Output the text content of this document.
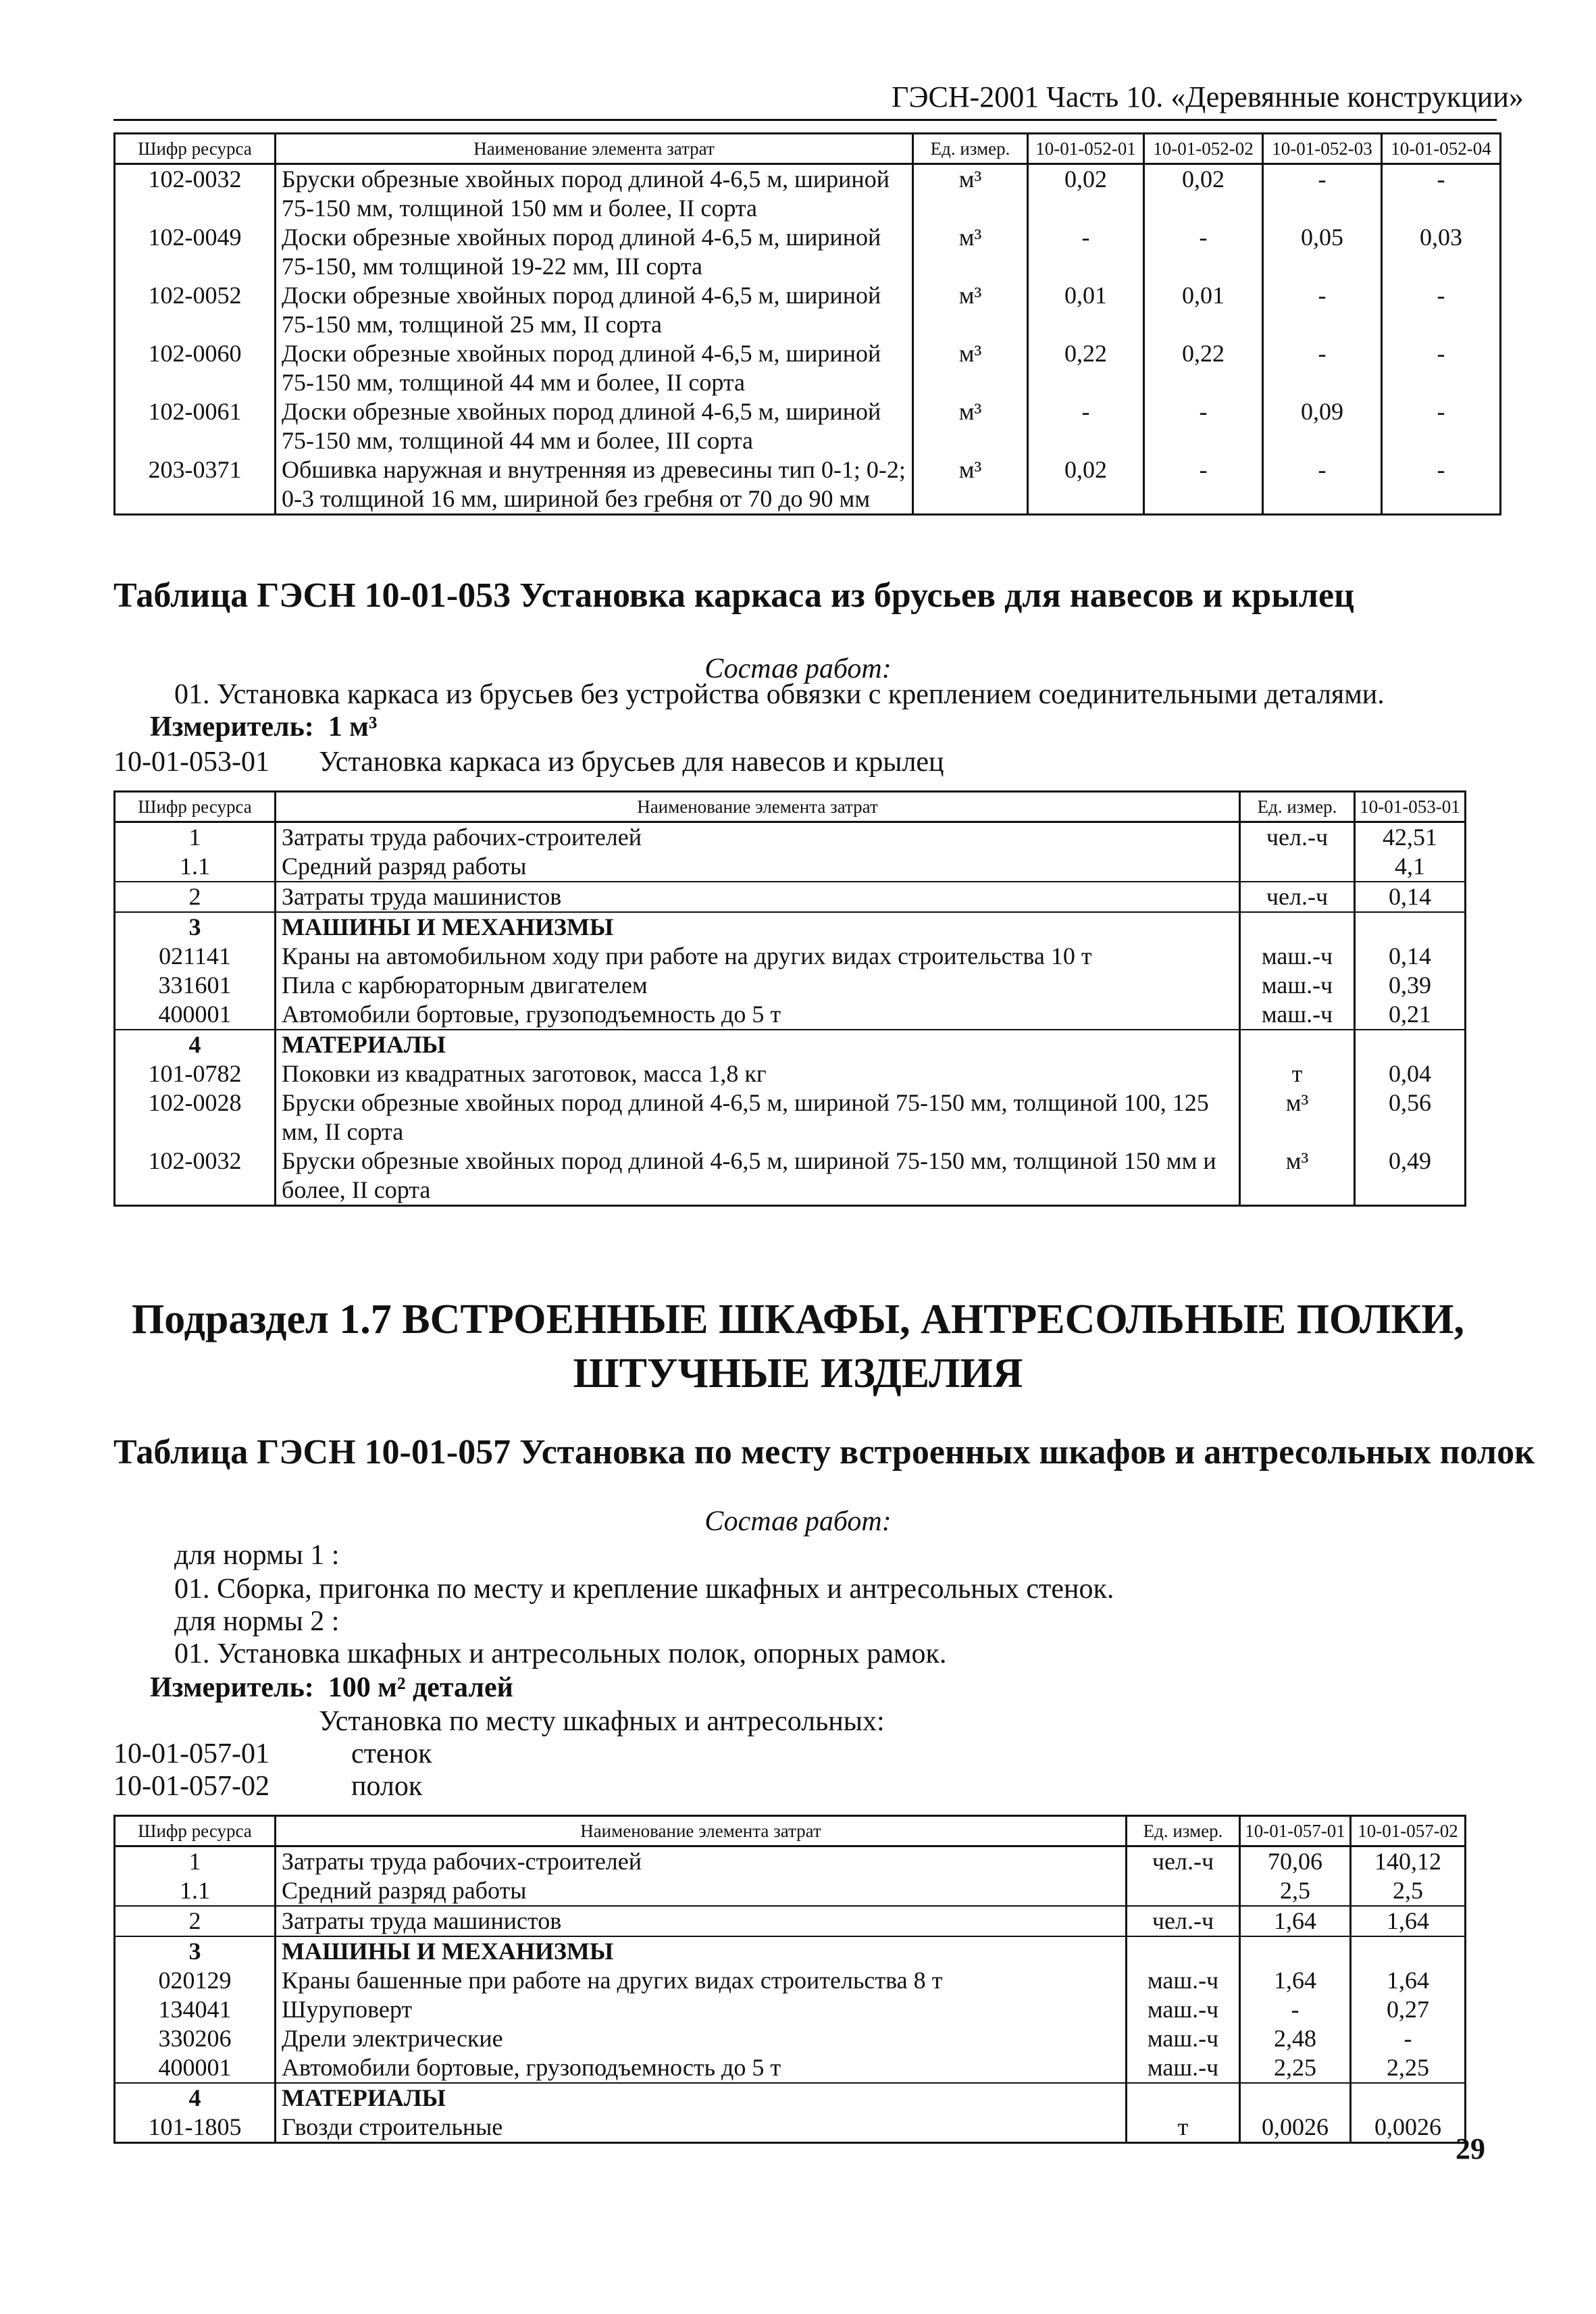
ГЭСН-2001 Часть 10. «Деревянные конструкции»
Шифр ресурса	Наименование элемента затрат	Ед. измер.	10-01-052-01	10-01-052-02	10-01-052-03	10-01-052-04
102-0032	Бруски обрезные хвойных пород длиной 4-6,5 м, шириной 75-150 мм, толщиной 150 мм и более, II сорта	м³	0,02	0,02	-	-
102-0049	Доски обрезные хвойных пород длиной 4-6,5 м, шириной 75-150, мм толщиной 19-22 мм, III сорта	м³	-	-	0,05	0,03
102-0052	Доски обрезные хвойных пород длиной 4-6,5 м, шириной 75-150 мм, толщиной 25 мм, II сорта	м³	0,01	0,01	-	-
102-0060	Доски обрезные хвойных пород длиной 4-6,5 м, шириной 75-150 мм, толщиной 44 мм и более, II сорта	м³	0,22	0,22	-	-
102-0061	Доски обрезные хвойных пород длиной 4-6,5 м, шириной 75-150 мм, толщиной 44 мм и более, III сорта	м³	-	-	0,09	-
203-0371	Обшивка наружная и внутренняя из древесины тип 0-1; 0-2; 0-3 толщиной 16 мм, шириной без гребня от 70 до 90 мм	м³	0,02	-	-	-
Таблица ГЭСН 10-01-053 Установка каркаса из брусьев для навесов и крылец
Состав работ:
01. Установка каркаса из брусьев без устройства обвязки с креплением соединительными деталями.
Измеритель: 1 м³
10-01-053-01 Установка каркаса из брусьев для навесов и крылец
Шифр ресурса	Наименование элемента затрат	Ед. измер.	10-01-053-01
1	Затраты труда рабочих-строителей	чел.-ч	42,51
1.1	Средний разряд работы		4,1
2	Затраты труда машинистов	чел.-ч	0,14
3	МАШИНЫ И МЕХАНИЗМЫ		
021141	Краны на автомобильном ходу при работе на других видах строительства 10 т	маш.-ч	0,14
331601	Пила с карбюраторным двигателем	маш.-ч	0,39
400001	Автомобили бортовые, грузоподъемность до 5 т	маш.-ч	0,21
4	МАТЕРИАЛЫ		
101-0782	Поковки из квадратных заготовок, масса 1,8 кг	т	0,04
102-0028	Бруски обрезные хвойных пород длиной 4-6,5 м, шириной 75-150 мм, толщиной 100, 125 мм, II сорта	м³	0,56
102-0032	Бруски обрезные хвойных пород длиной 4-6,5 м, шириной 75-150 мм, толщиной 150 мм и более, II сорта	м³	0,49
Подраздел 1.7 ВСТРОЕННЫЕ ШКАФЫ, АНТРЕСОЛЬНЫЕ ПОЛКИ,
ШТУЧНЫЕ ИЗДЕЛИЯ
Таблица ГЭСН 10-01-057 Установка по месту встроенных шкафов и антресольных полок
Состав работ:
для нормы 1 :
01. Сборка, пригонка по месту и крепление шкафных и антресольных стенок.
для нормы 2 :
01. Установка шкафных и антресольных полок, опорных рамок.
Измеритель: 100 м² деталей
Установка по месту шкафных и антресольных:
10-01-057-01	стенок
10-01-057-02	полок
Шифр ресурса	Наименование элемента затрат	Ед. измер.	10-01-057-01	10-01-057-02
1	Затраты труда рабочих-строителей	чел.-ч	70,06	140,12
1.1	Средний разряд работы		2,5	2,5
2	Затраты труда машинистов	чел.-ч	1,64	1,64
3	МАШИНЫ И МЕХАНИЗМЫ			
020129	Краны башенные при работе на других видах строительства 8 т	маш.-ч	1,64	1,64
134041	Шуруповерт	маш.-ч	-	0,27
330206	Дрели электрические	маш.-ч	2,48	-
400001	Автомобили бортовые, грузоподъемность до 5 т	маш.-ч	2,25	2,25
4	МАТЕРИАЛЫ			
101-1805	Гвозди строительные	т	0,0026	0,0026
29
